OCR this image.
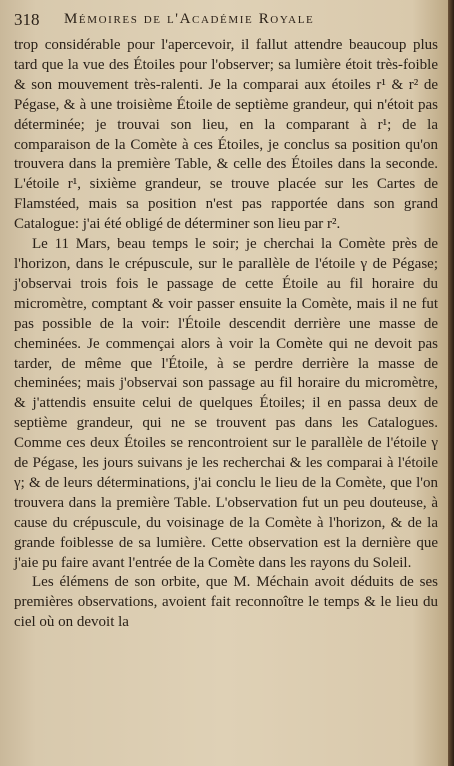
318 Mémoires de l'Académie Royale

trop considérable pour l'apercevoir, il fallut attendre beaucoup plus tard que la vue des Étoiles pour l'observer; sa lumière étoit très-foible & son mouvement très-ralenti. Je la comparai aux étoiles r¹ & r² de Pégase, & à une troisième Étoile de septième grandeur, qui n'étoit pas déterminée; je trouvai son lieu, en la comparant à r¹; de la comparaison de la Comète à ces Étoiles, je conclus sa position qu'on trouvera dans la première Table, & celle des Étoiles dans la seconde. L'étoile r¹, sixième grandeur, se trouve placée sur les Cartes de Flamstéed, mais sa position n'est pas rapportée dans son grand Catalogue: j'ai été obligé de déterminer son lieu par r².

Le 11 Mars, beau temps le soir; je cherchai la Comète près de l'horizon, dans le crépuscule, sur le parallèle de l'étoile γ de Pégase; j'observai trois fois le passage de cette Étoile au fil horaire du micromètre, comptant & voir passer ensuite la Comète, mais il ne fut pas possible de la voir: l'Étoile descendit derrière une masse de cheminées. Je commençai alors à voir la Comète qui ne devoit pas tarder, de même que l'Étoile, à se perdre derrière la masse de cheminées; mais j'observai son passage au fil horaire du micromètre, & j'attendis ensuite celui de quelques Étoiles; il en passa deux de septième grandeur, qui ne se trouvent pas dans les Catalogues. Comme ces deux Étoiles se rencontroient sur le parallèle de l'étoile γ de Pégase, les jours suivans je les recherchai & les comparai à l'étoile γ; & de leurs déterminations, j'ai conclu le lieu de la Comète, que l'on trouvera dans la première Table. L'observation fut un peu douteuse, à cause du crépuscule, du voisinage de la Comète à l'horizon, & de la grande foiblesse de sa lumière. Cette observation est la dernière que j'aie pu faire avant l'entrée de la Comète dans les rayons du Soleil.

Les élémens de son orbite, que M. Méchain avoit déduits de ses premières observations, avoient fait reconnoître le temps & le lieu du ciel où on devoit la
